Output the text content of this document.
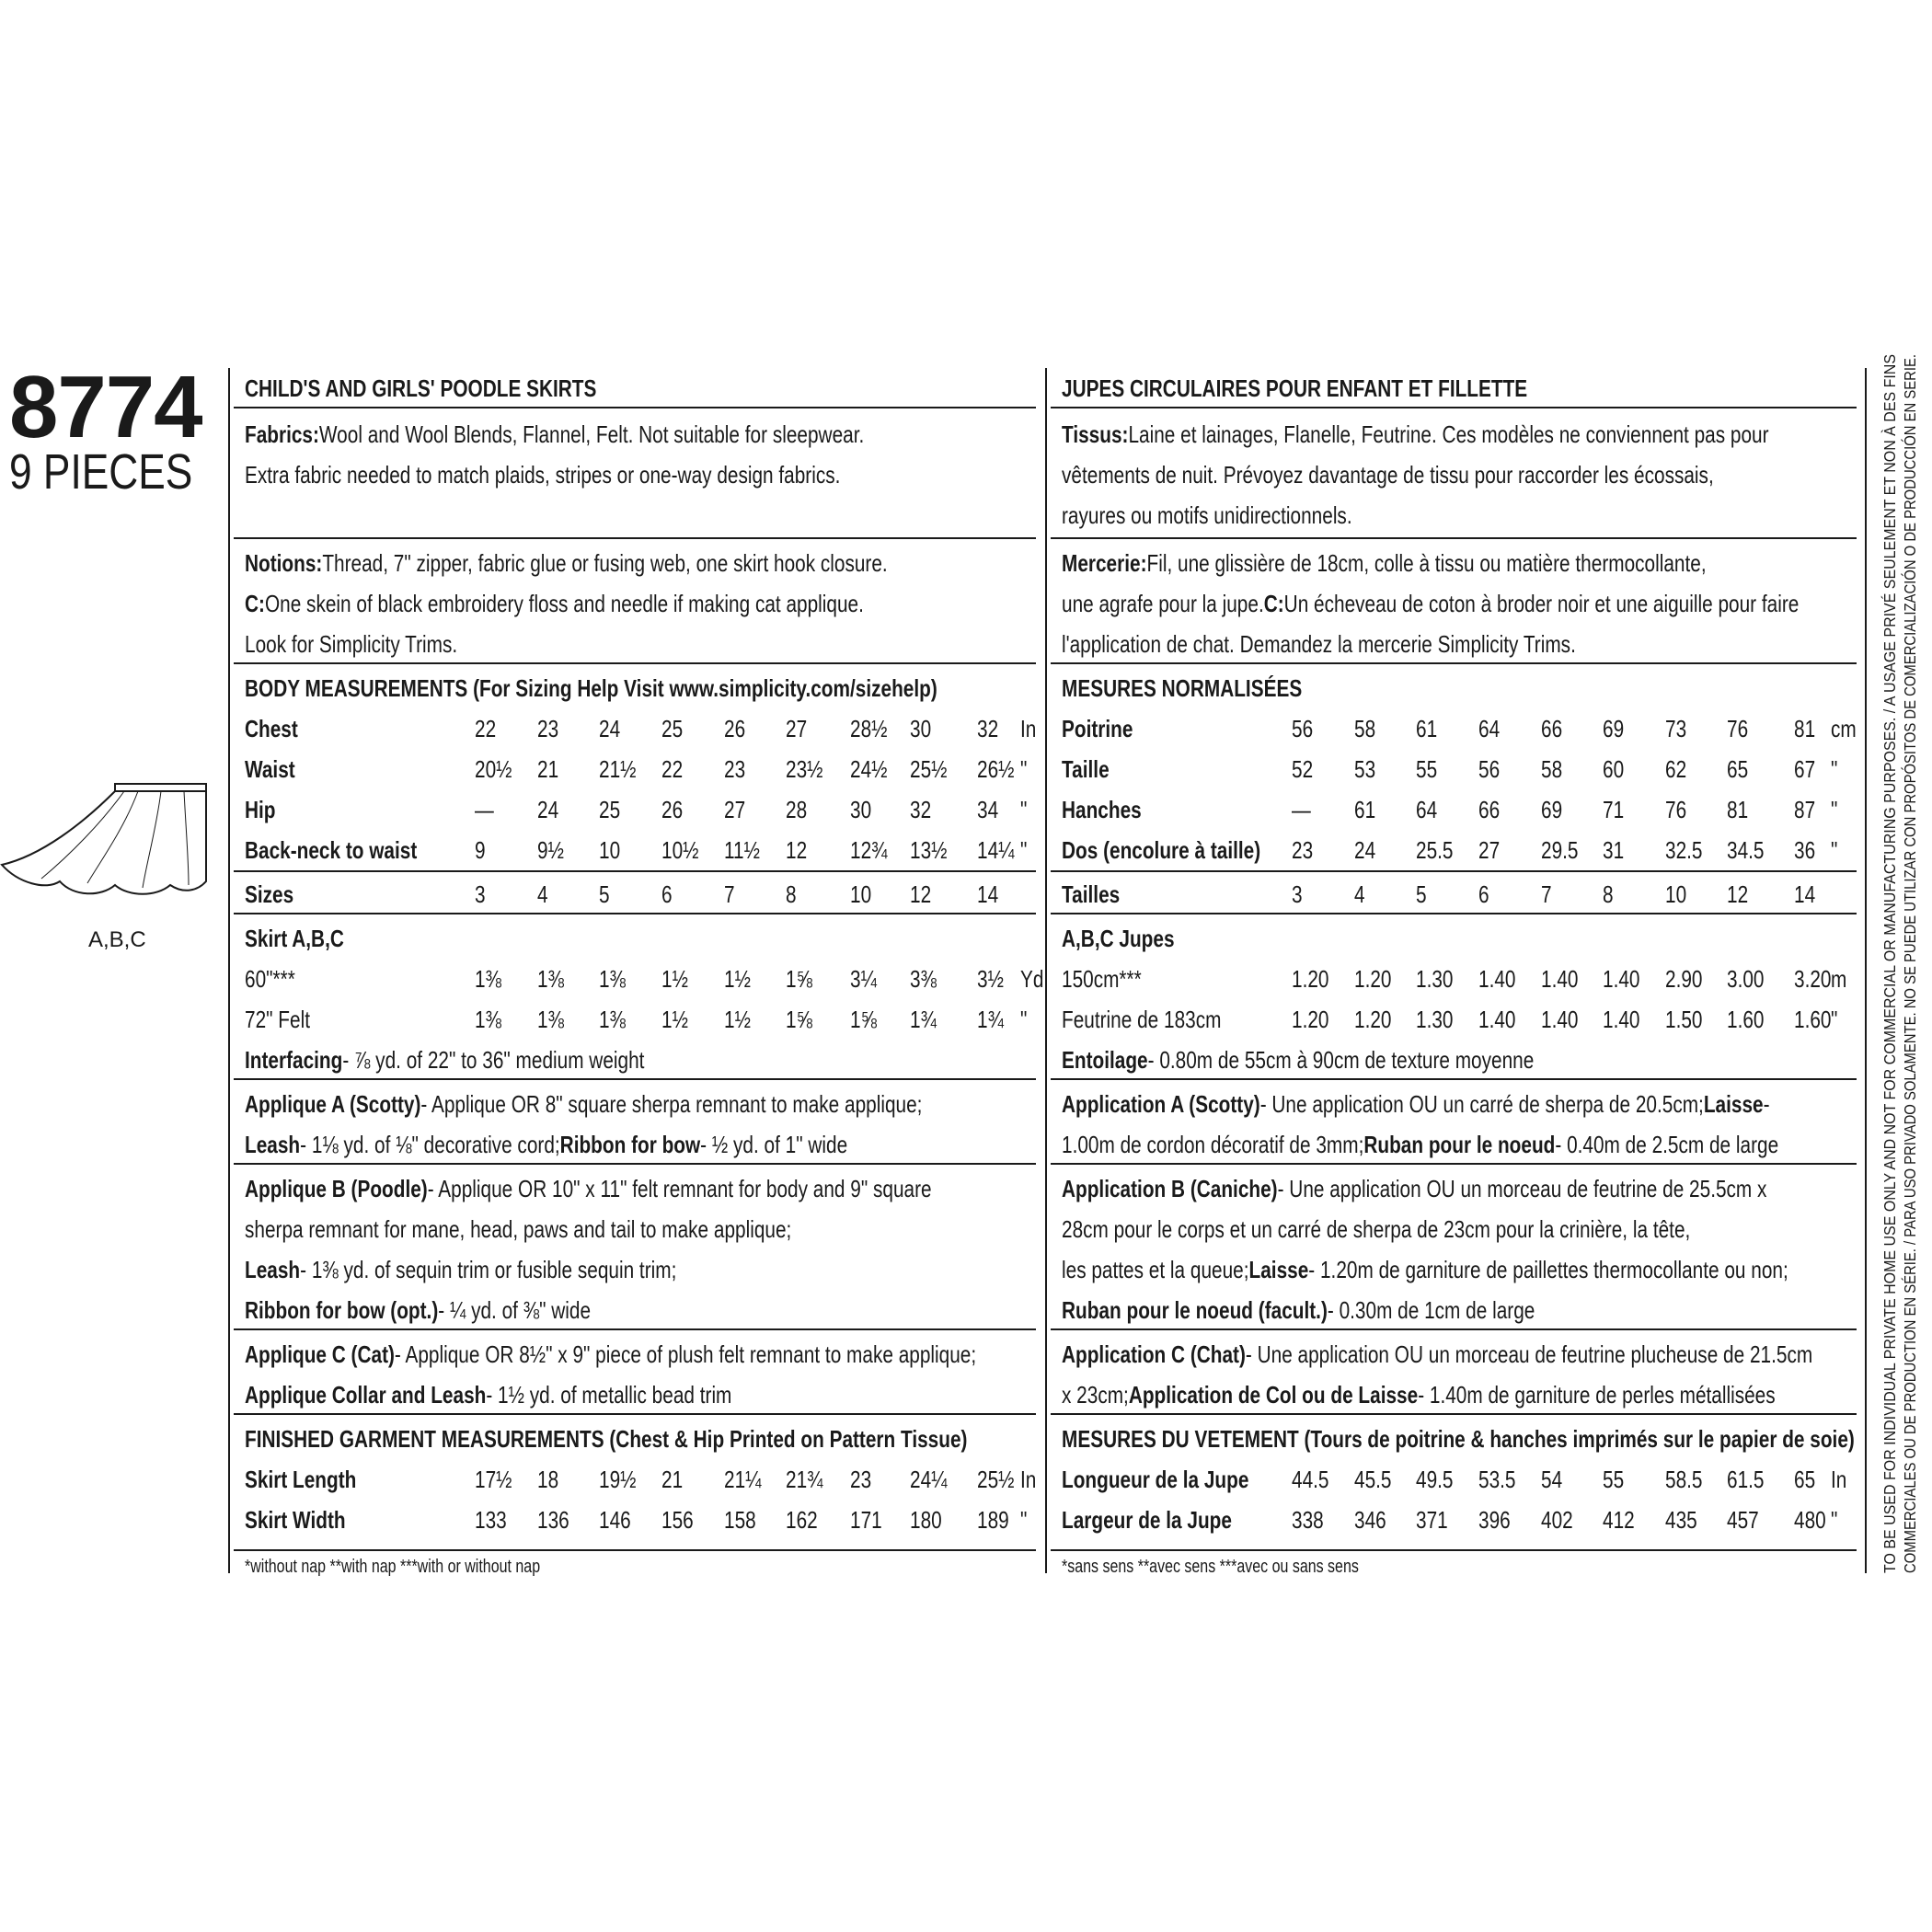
8774
9 PIECES
A,B,C
CHILD'S AND GIRLS' POODLE SKIRTS
Fabrics:Wool and Wool Blends, Flannel, Felt. Not suitable for sleepwear.
Extra fabric needed to match plaids, stripes or one-way design fabrics.
Notions:Thread, 7" zipper, fabric glue or fusing web, one skirt hook closure.
C:One skein of black embroidery floss and needle if making cat applique.
Look for Simplicity Trims.
BODY MEASUREMENTS (For Sizing Help Visit www.simplicity.com/sizehelp)
Chest	22 23 24 25 26 27 28½ 30 32 In
Waist	20½ 21 21½ 22 23 23½ 24½ 25½ 26½ "
Hip	— 24 25 26 27 28 30 32 34 "
Back-neck to waist 9 9½ 10 10½ 11½ 12 12¾ 13½ 14¼ "
Sizes	3 4 5 6 7 8 10 12 14
Skirt A,B,C
60"***	1⅜ 1⅜ 1⅜ 1½ 1½ 1⅝ 3¼ 3⅜ 3½ Yd
72" Felt	1⅜ 1⅜ 1⅜ 1½ 1½ 1⅝ 1⅝ 1¾ 1¾ "
Interfacing- ⅞ yd. of 22" to 36" medium weight
Applique A (Scotty)- Applique OR 8" square sherpa remnant to make applique;
Leash- 1⅛ yd. of ⅛" decorative cord;Ribbon for bow- ½ yd. of 1" wide
Applique B (Poodle)- Applique OR 10" x 11" felt remnant for body and 9" square
sherpa remnant for mane, head, paws and tail to make applique;
Leash- 1⅜ yd. of sequin trim or fusible sequin trim;
Ribbon for bow (opt.)- ¼ yd. of ⅜" wide
Applique C (Cat)- Applique OR 8½" x 9" piece of plush felt remnant to make applique;
Applique Collar and Leash- 1½ yd. of metallic bead trim
FINISHED GARMENT MEASUREMENTS (Chest & Hip Printed on Pattern Tissue)
Skirt Length	17½ 18 19½ 21 21¼ 21¾ 23 24¼ 25½ In
Skirt Width	133 136 146 156 158 162 171 180 189 "
*without nap **with nap ***with or without nap
JUPES CIRCULAIRES POUR ENFANT ET FILLETTE
Tissus:Laine et lainages, Flanelle, Feutrine. Ces modèles ne conviennent pas pour
vêtements de nuit. Prévoyez davantage de tissu pour raccorder les écossais,
rayures ou motifs unidirectionnels.
Mercerie:Fil, une glissière de 18cm, colle à tissu ou matière thermocollante,
une agrafe pour la jupe.C:Un écheveau de coton à broder noir et une aiguille pour faire
l'application de chat. Demandez la mercerie Simplicity Trims.
MESURES NORMALISÉES
Poitrine	56 58 61 64 66 69 73 76 81 cm
Taille	52 53 55 56 58 60 62 65 67 "
Hanches	— 61 64 66 69 71 76 81 87 "
Dos (encolure à taille) 23 24 25.5 27 29.5 31 32.5 34.5 36 "
Tailles	3 4 5 6 7 8 10 12 14
A,B,C Jupes
150cm***	1.20 1.20 1.30 1.40 1.40 1.40 2.90 3.00 3.20 m
Feutrine de 183cm	1.20 1.20 1.30 1.40 1.40 1.40 1.50 1.60 1.60 "
Entoilage- 0.80m de 55cm à 90cm de texture moyenne
Application A (Scotty)- Une application OU un carré de sherpa de 20.5cm;Laisse-
1.00m de cordon décoratif de 3mm;Ruban pour le noeud- 0.40m de 2.5cm de large
Application B (Caniche)- Une application OU un morceau de feutrine de 25.5cm x
28cm pour le corps et un carré de sherpa de 23cm pour la crinière, la tête,
les pattes et la queue;Laisse- 1.20m de garniture de paillettes thermocollante ou non;
Ruban pour le noeud (facult.)- 0.30m de 1cm de large
Application C (Chat)- Une application OU un morceau de feutrine plucheuse de 21.5cm
x 23cm;Application de Col ou de Laisse- 1.40m de garniture de perles métallisées
MESURES DU VETEMENT (Tours de poitrine & hanches imprimés sur le papier de soie)
Longueur de la Jupe 44.5 45.5 49.5 53.5 54 55 58.5 61.5 65 In
Largeur de la Jupe	338 346 371 396 402 412 435 457 480 "
*sans sens **avec sens ***avec ou sans sens	TO BE USED FOR INDIVIDUAL PRIVATE HOME USE ONLY AND NOT FOR COMMERCIAL OR MANUFACTURING PURPOSES. / A USAGE PRIVÉ SEULEMENT ET NON À DES FINS COMMERCIALES OU DE PRODUCTION EN SÉRIE. / PARA USO PRIVADO SOLAMENTE. NO SE PUEDE UTILIZAR CON PROPÓSITOS DE COMERCIALIZACIÓN O DE PRODUCCIÓN EN SERIE.
